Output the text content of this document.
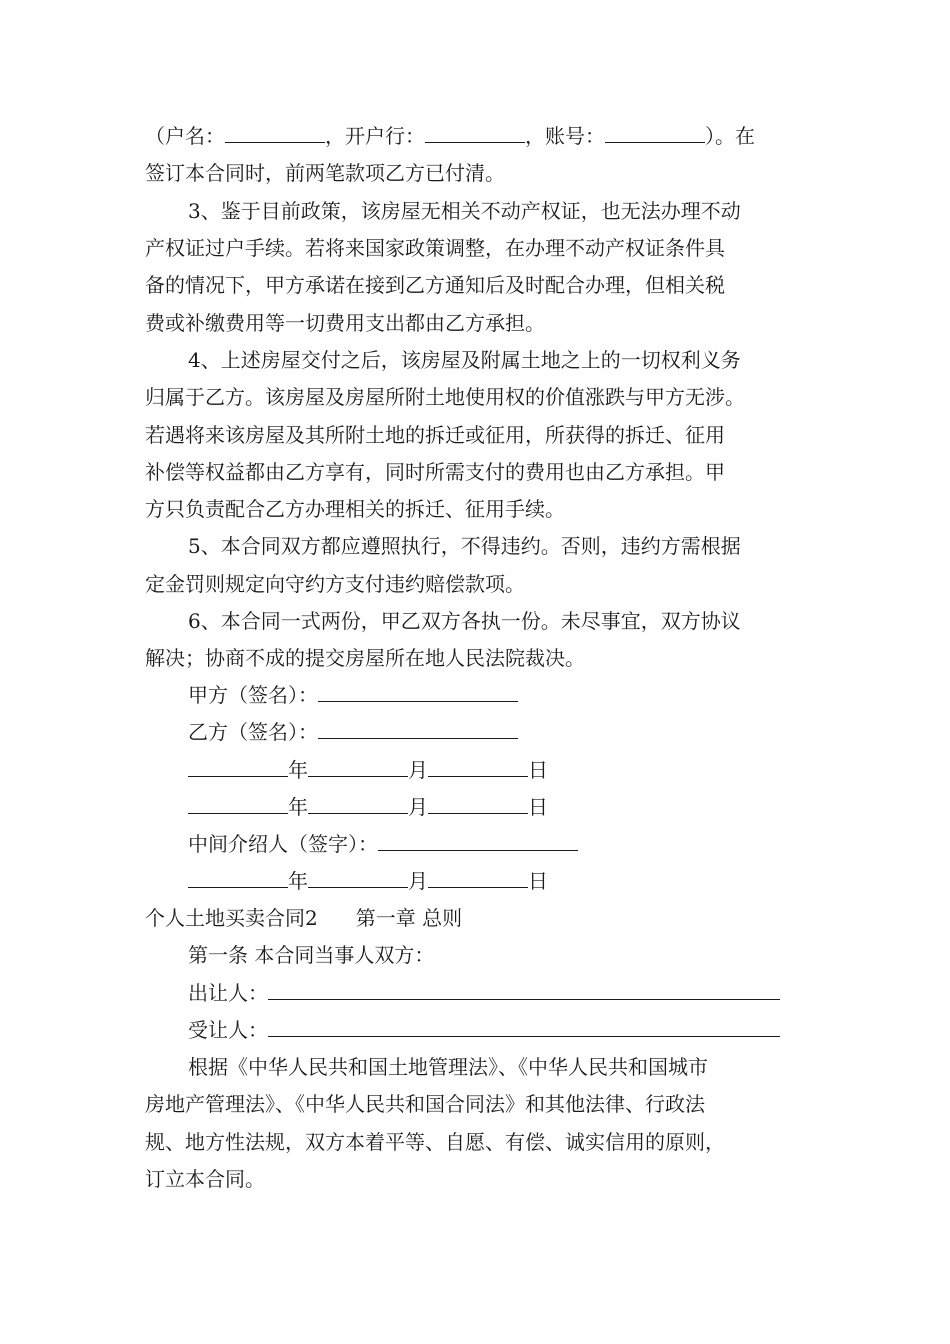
（户名：	，开户行：	，账号：	）。在
签订本合同时，前两笔款项乙方已付清。
3、鉴于目前政策，该房屋无相关不动产权证，也无法办理不动
产权证过户手续。若将来国家政策调整，在办理不动产权证条件具
备的情况下，甲方承诺在接到乙方通知后及时配合办理，但相关税
费或补缴费用等一切费用支出都由乙方承担。
4、上述房屋交付之后，该房屋及附属土地之上的一切权利义务
归属于乙方。该房屋及房屋所附土地使用权的价值涨跌与甲方无涉。
若遇将来该房屋及其所附土地的拆迁或征用，所获得的拆迁、征用
补偿等权益都由乙方享有，同时所需支付的费用也由乙方承担。甲
方只负责配合乙方办理相关的拆迁、征用手续。
5、本合同双方都应遵照执行，不得违约。否则，违约方需根据
定金罚则规定向守约方支付违约赔偿款项。
6、本合同一式两份，甲乙双方各执一份。未尽事宜，双方协议
解决；协商不成的提交房屋所在地人民法院裁决。
甲方（签名）：
乙方（签名）：
年	月	日
年	月	日
中间介绍人（签字）：
年	月	日
个人土地买卖合同2 第一章 总则
第一条 本合同当事人双方：
出让人：
受让人：
根据《中华人民共和国土地管理法》、《中华人民共和国城市
房地产管理法》、《中华人民共和国合同法》和其他法律、行政法
规、地方性法规，双方本着平等、自愿、有偿、诚实信用的原则，
订立本合同。
